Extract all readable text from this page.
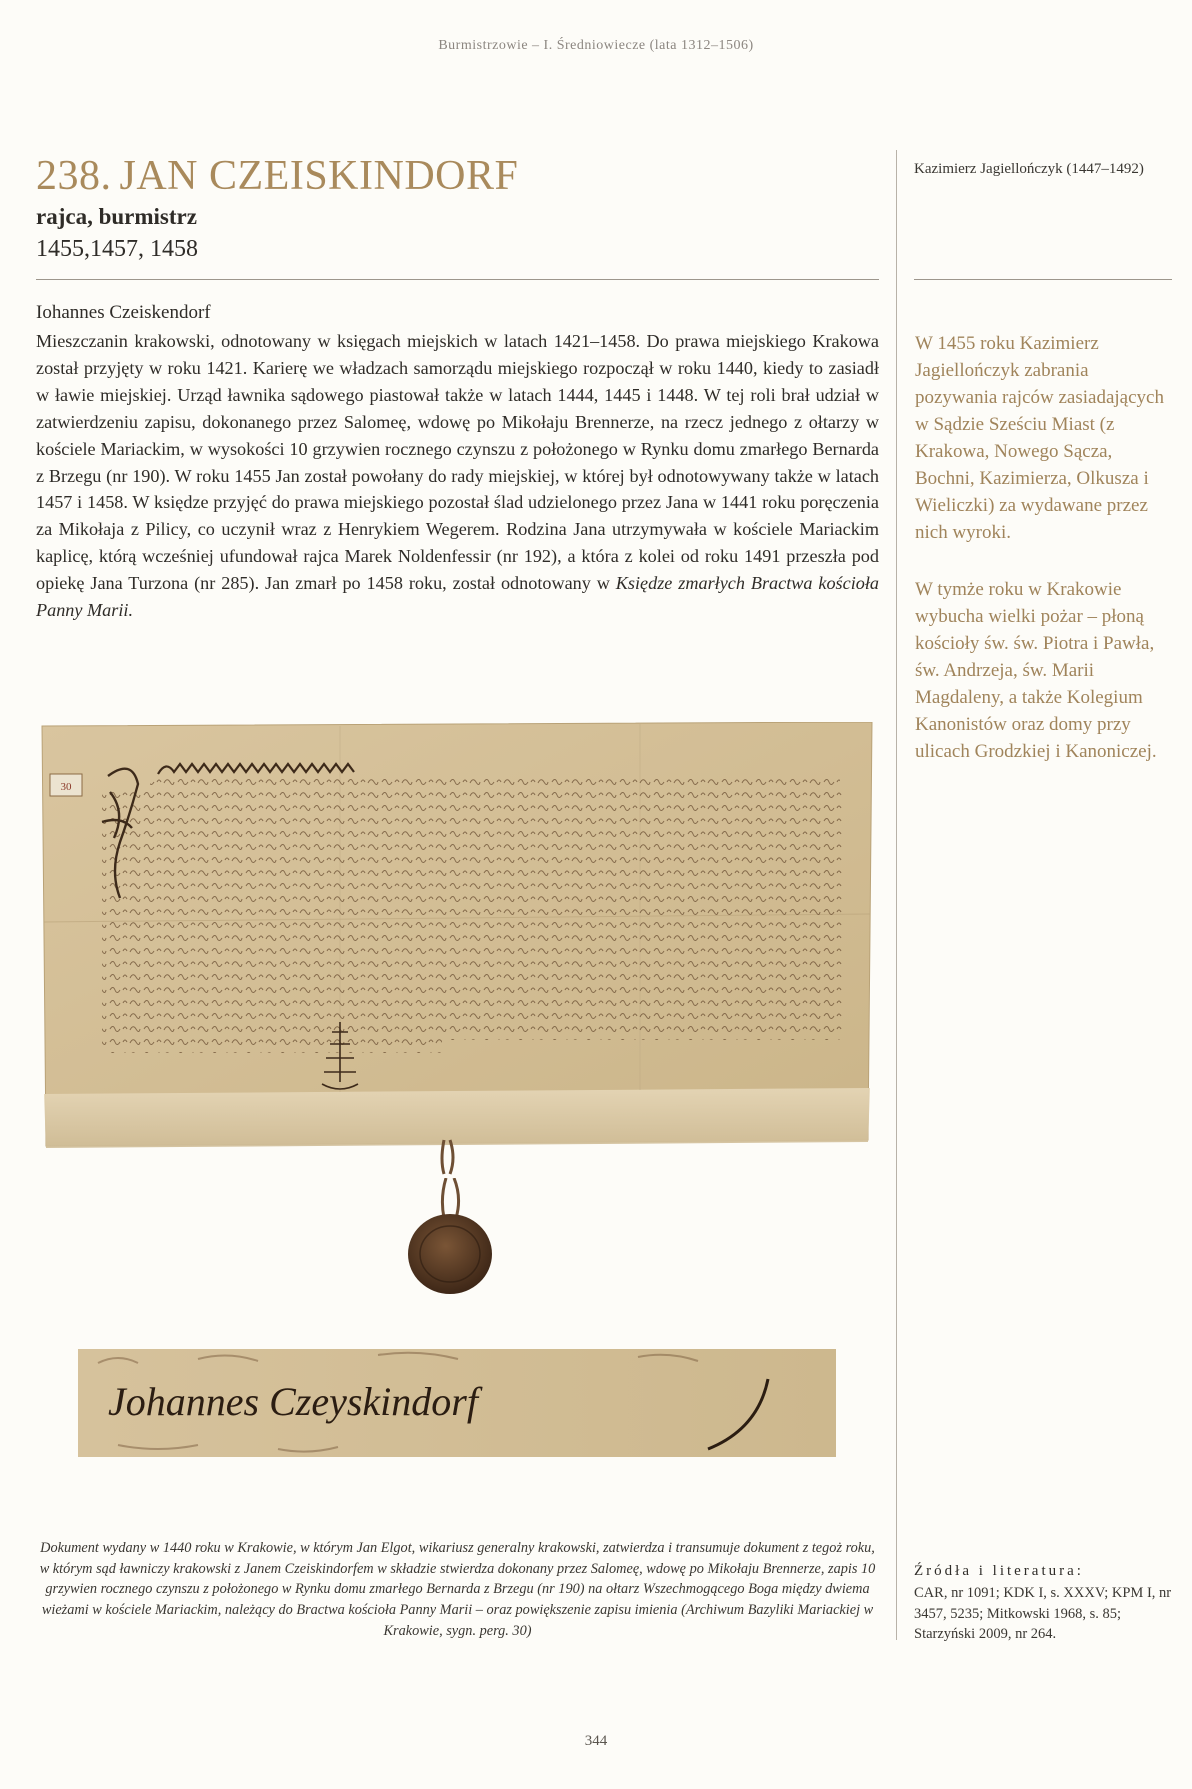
Burmistrzowie – I. Średniowiecze (lata 1312–1506)

238. JAN CZEISKINDORF
rajca, burmistrz
1455,1457, 1458
Kazimierz Jagiellończyk (1447–1492)
Iohannes Czeiskendorf

Mieszczanin krakowski, odnotowany w księgach miejskich w latach 1421–1458. Do prawa miejskiego Krakowa został przyjęty w roku 1421. Karierę we władzach samorządu miejskiego rozpoczął w roku 1440, kiedy to zasiadł w ławie miejskiej. Urząd ławnika sądowego piastował także w latach 1444, 1445 i 1448. W tej roli brał udział w zatwierdzeniu zapisu, dokonanego przez Salomeę, wdowę po Mikołaju Brennerze, na rzecz jednego z ołtarzy w kościele Mariackim, w wysokości 10 grzywien rocznego czynszu z położonego w Rynku domu zmarłego Bernarda z Brzegu (nr 190). W roku 1455 Jan został powołany do rady miejskiej, w której był odnotowywany także w latach 1457 i 1458. W księdze przyjęć do prawa miejskiego pozostał ślad udzielonego przez Jana w 1441 roku poręczenia za Mikołaja z Pilicy, co uczynił wraz z Henrykiem Wegerem. Rodzina Jana utrzymywała w kościele Mariackim kaplicę, którą wcześniej ufundował rajca Marek Noldenfessir (nr 192), a która z kolei od roku 1491 przeszła pod opiekę Jana Turzona (nr 285). Jan zmarł po 1458 roku, został odnotowany w Księdze zmarłych Bractwa kościoła Panny Marii.

W 1455 roku Kazimierz Jagiellończyk zabrania pozywania rajców zasiadających w Sądzie Sześciu Miast (z Krakowa, Nowego Sącza, Bochni, Kazimierza, Olkusza i Wieliczki) za wydawane przez nich wyroki.
W tymże roku w Krakowie wybucha wielki pożar – płoną kościoły św. św. Piotra i Pawła, św. Andrzeja, św. Marii Magdaleny, a także Kolegium Kanonistów oraz domy przy ulicach Grodzkiej i Kanoniczej.
30
Johannes Czeyskindorf
Dokument wydany w 1440 roku w Krakowie, w którym Jan Elgot, wikariusz generalny krakowski, zatwierdza i transumuje dokument z tegoż roku, w którym sąd ławniczy krakowski z Janem Czeiskindorfem w składzie stwierdza dokonany przez Salomeę, wdowę po Mikołaju Brennerze, zapis 10 grzywien rocznego czynszu z położonego w Rynku domu zmarłego Bernarda z Brzegu (nr 190) na ołtarz Wszechmogącego Boga między dwiema wieżami w kościele Mariackim, należący do Bractwa kościoła Panny Marii – oraz powiększenie zapisu imienia (Archiwum Bazyliki Mariackiej w Krakowie, sygn. perg. 30)
Źródła i literatura:
CAR, nr 1091; KDK I, s. XXXV; KPM I, nr 3457, 5235; Mitkowski 1968, s. 85; Starzyński 2009, nr 264.
344
